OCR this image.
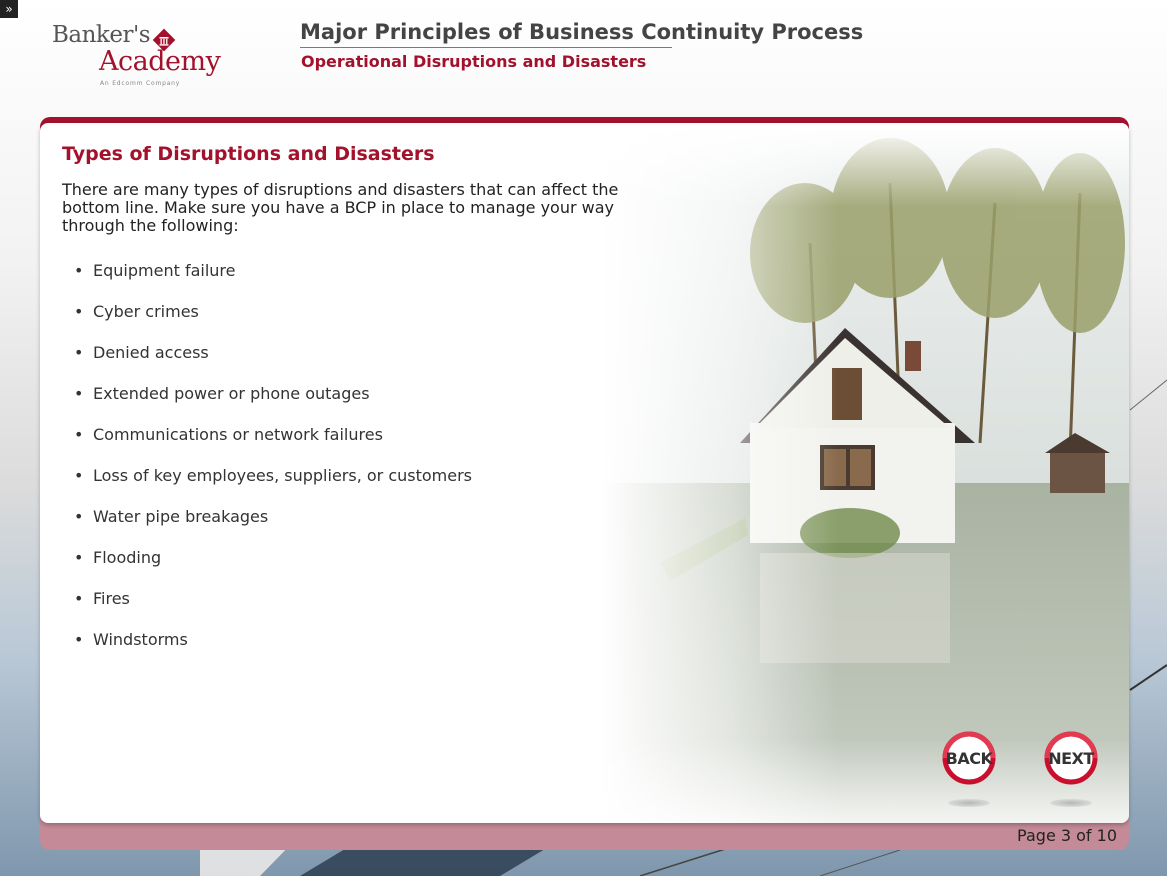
»
Banker's
Academy
An Edcomm Company
Major Principles of Business Continuity Process
Operational Disruptions and Disasters
Types of Disruptions and Disasters
There are many types of disruptions and disasters that can affect the bottom line. Make sure you have a BCP in place to manage your way through the following:
• Equipment failure
• Cyber crimes
• Denied access
• Extended power or phone outages
• Communications or network failures
• Loss of key employees, suppliers, or customers
• Water pipe breakages
• Flooding
• Fires
• Windstorms
BACK	NEXT
Page 3 of 10
